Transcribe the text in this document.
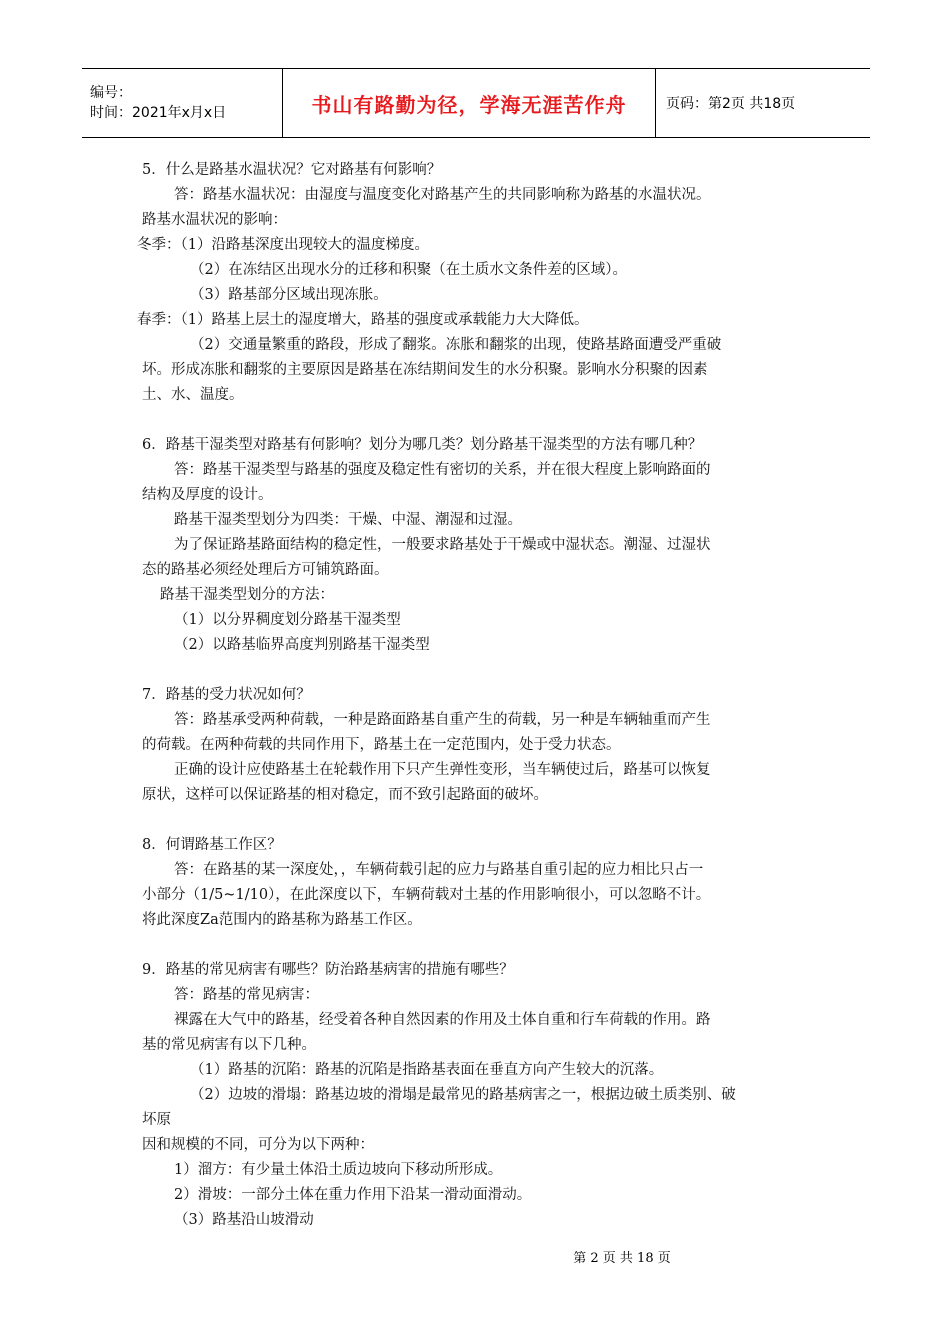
编号：
时间：2021年x月x日	书山有路勤为径，学海无涯苦作舟	页码：第2页 共18页

5．什么是路基水温状况？它对路基有何影响？

答：路基水温状况：由湿度与温度变化对路基产生的共同影响称为路基的水温状况。

路基水温状况的影响：

冬季：（1）沿路基深度出现较大的温度梯度。

（2）在冻结区出现水分的迁移和积聚（在土质水文条件差的区域）。

（3）路基部分区域出现冻胀。

春季：（1）路基上层土的湿度增大，路基的强度或承载能力大大降低。

（2）交通量繁重的路段，形成了翻浆。冻胀和翻浆的出现，使路基路面遭受严重破

坏。形成冻胀和翻浆的主要原因是路基在冻结期间发生的水分积聚。影响水分积聚的因素

土、水、温度。

6．路基干湿类型对路基有何影响？划分为哪几类？划分路基干湿类型的方法有哪几种？

答：路基干湿类型与路基的强度及稳定性有密切的关系，并在很大程度上影响路面的

结构及厚度的设计。

路基干湿类型划分为四类：干燥、中湿、潮湿和过湿。

为了保证路基路面结构的稳定性，一般要求路基处于干燥或中湿状态。潮湿、过湿状

态的路基必须经处理后方可铺筑路面。

路基干湿类型划分的方法：

（1）以分界稠度划分路基干湿类型

（2）以路基临界高度判别路基干湿类型

7．路基的受力状况如何？

答：路基承受两种荷载，一种是路面路基自重产生的荷载，另一种是车辆轴重而产生

的荷载。在两种荷载的共同作用下，路基土在一定范围内，处于受力状态。

正确的设计应使路基土在轮载作用下只产生弹性变形，当车辆使过后，路基可以恢复

原状，这样可以保证路基的相对稳定，而不致引起路面的破坏。

8．何谓路基工作区？

答：在路基的某一深度处，，车辆荷载引起的应力与路基自重引起的应力相比只占一

小部分（1/5~1/10），在此深度以下，车辆荷载对土基的作用影响很小，可以忽略不计。

将此深度Za范围内的路基称为路基工作区。

9．路基的常见病害有哪些？防治路基病害的措施有哪些？

答：路基的常见病害：

裸露在大气中的路基，经受着各种自然因素的作用及土体自重和行车荷载的作用。路

基的常见病害有以下几种。

（1）路基的沉陷：路基的沉陷是指路基表面在垂直方向产生较大的沉落。

（2）边坡的滑塌：路基边坡的滑塌是最常见的路基病害之一，根据边破土质类别、破

坏原

因和规模的不同，可分为以下两种：

1）溜方：有少量土体沿土质边坡向下移动所形成。

2）滑坡：一部分土体在重力作用下沿某一滑动面滑动。

（3）路基沿山坡滑动

第 2 页 共 18 页
